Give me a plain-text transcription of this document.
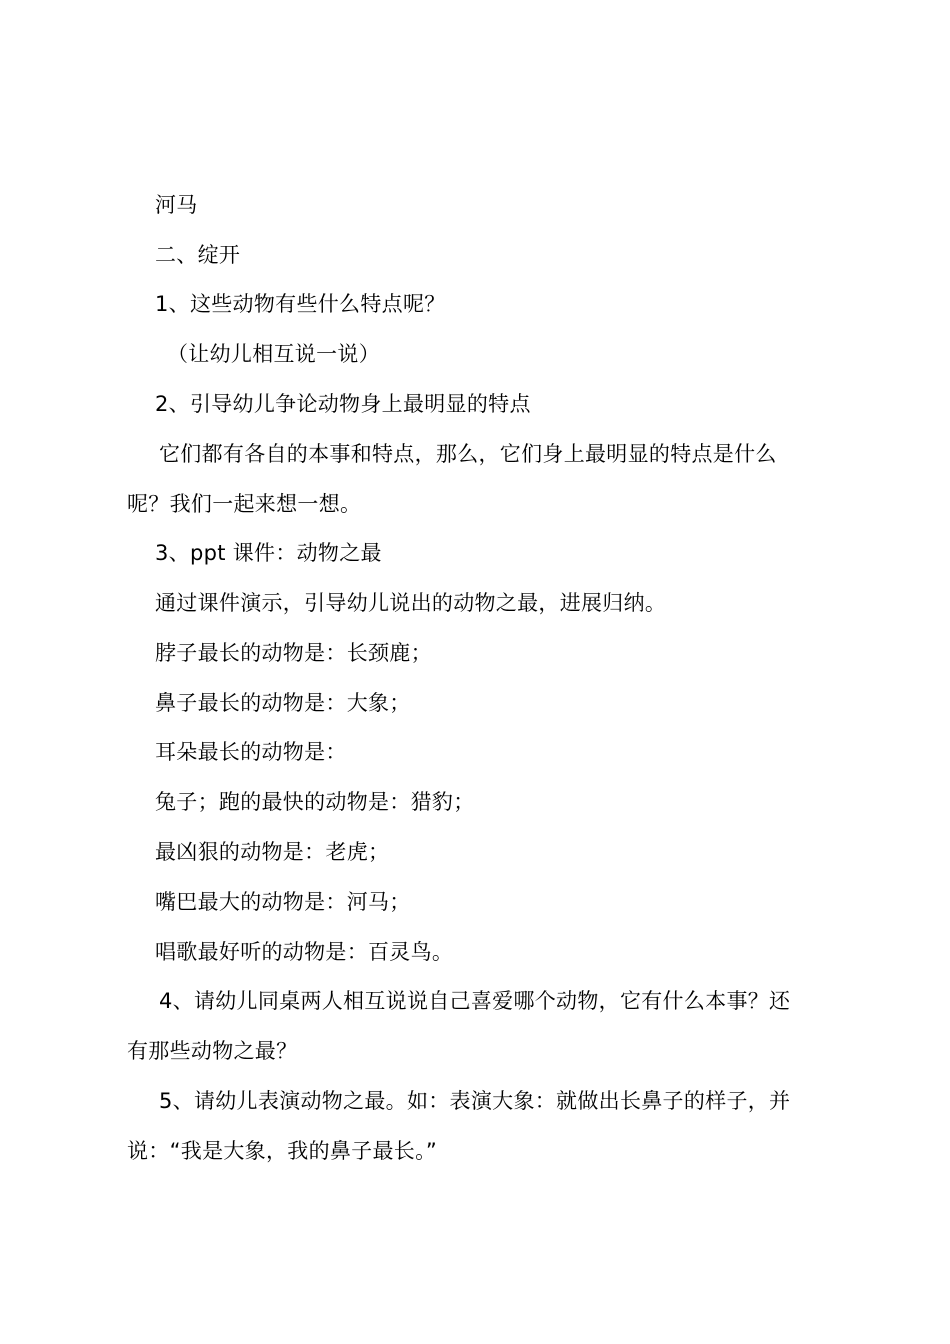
河马
二、绽开
1、这些动物有些什么特点呢？
（让幼儿相互说一说）
2、引导幼儿争论动物身上最明显的特点
它们都有各自的本事和特点，那么，它们身上最明显的特点是什么
呢？我们一起来想一想。
3、ppt 课件：动物之最
通过课件演示，引导幼儿说出的动物之最，进展归纳。
脖子最长的动物是：长颈鹿；
鼻子最长的动物是：大象；
耳朵最长的动物是：
兔子；跑的最快的动物是：猎豹；
最凶狠的动物是：老虎；
嘴巴最大的动物是：河马；
唱歌最好听的动物是：百灵鸟。
4、请幼儿同桌两人相互说说自己喜爱哪个动物，它有什么本事？还
有那些动物之最？
5、请幼儿表演动物之最。如：表演大象：就做出长鼻子的样子，并
说：“我是大象，我的鼻子最长。”
